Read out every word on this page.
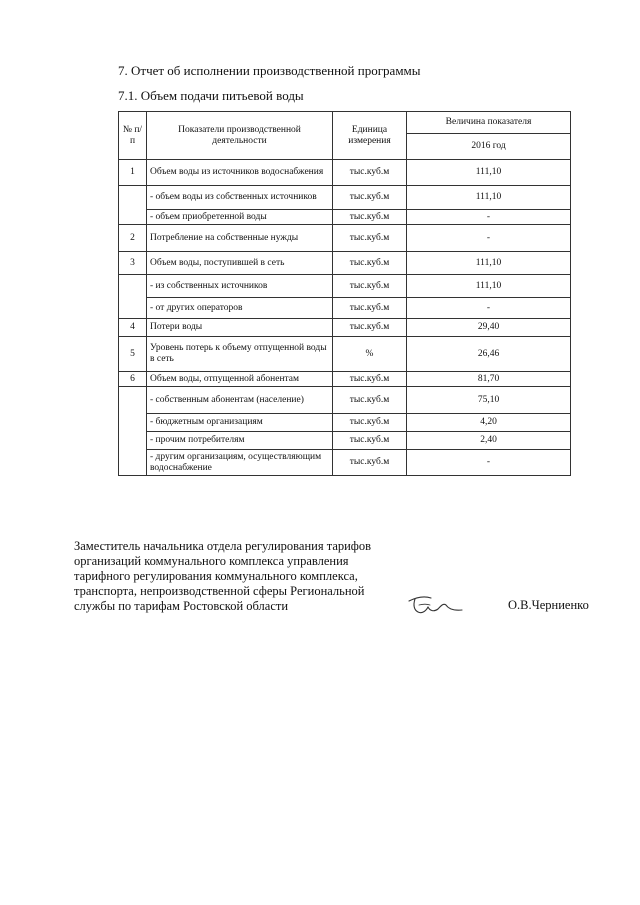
7. Отчет об исполнении производственной программы
7.1. Объем подачи питьевой воды
№ п/п	Показатели производственной деятельности	Единица измерения	Величина показателя
			2016 год
1	Объем воды из источников водоснабжения	тыс.куб.м	111,10
	- объем воды из собственных источников	тыс.куб.м	111,10
	- объем приобретенной воды	тыс.куб.м	-
2	Потребление на собственные нужды	тыс.куб.м	-
3	Объем воды, поступившей в сеть	тыс.куб.м	111,10
	- из собственных источников	тыс.куб.м	111,10
	- от других операторов	тыс.куб.м	-
4	Потери воды	тыс.куб.м	29,40
5	Уровень потерь к объему отпущенной воды в сеть	%	26,46
6	Объем воды, отпущенной абонентам	тыс.куб.м	81,70
	- собственным абонентам (население)	тыс.куб.м	75,10
	- бюджетным организациям	тыс.куб.м	4,20
	- прочим потребителям	тыс.куб.м	2,40
	- другим организациям, осуществляющим водоснабжение	тыс.куб.м	-
Заместитель начальника отдела регулирования тарифов организаций коммунального комплекса управления тарифного регулирования коммунального комплекса, транспорта, непроизводственной сферы Региональной службы по тарифам Ростовской области	О.В.Черниенко
